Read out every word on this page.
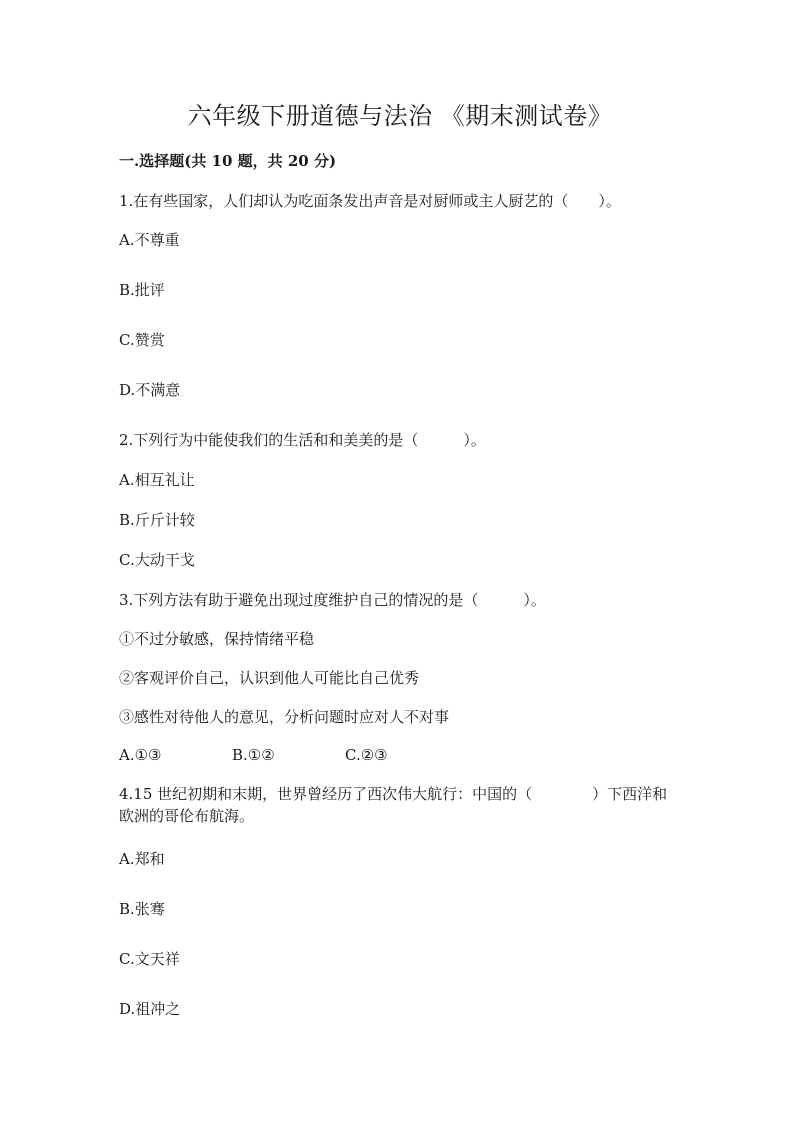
六年级下册道德与法治 《期末测试卷》

一.选择题(共 10 题，共 20 分)

1.在有些国家，人们却认为吃面条发出声音是对厨师或主人厨艺的（　　）。

A.不尊重

B.批评

C.赞赏

D.不满意

2.下列行为中能使我们的生活和和美美的是（　　　）。

A.相互礼让

B.斤斤计较

C.大动干戈

3.下列方法有助于避免出现过度维护自己的情况的是（　　　）。

①不过分敏感，保持情绪平稳

②客观评价自己，认识到他人可能比自己优秀

③感性对待他人的意见，分析问题时应对人不对事

A.①③	B.①②	C.②③

4.15 世纪初期和末期，世界曾经历了西次伟大航行：中国的（　　　　）下西洋和欧洲的哥伦布航海。

A.郑和

B.张骞

C.文天祥

D.祖冲之
